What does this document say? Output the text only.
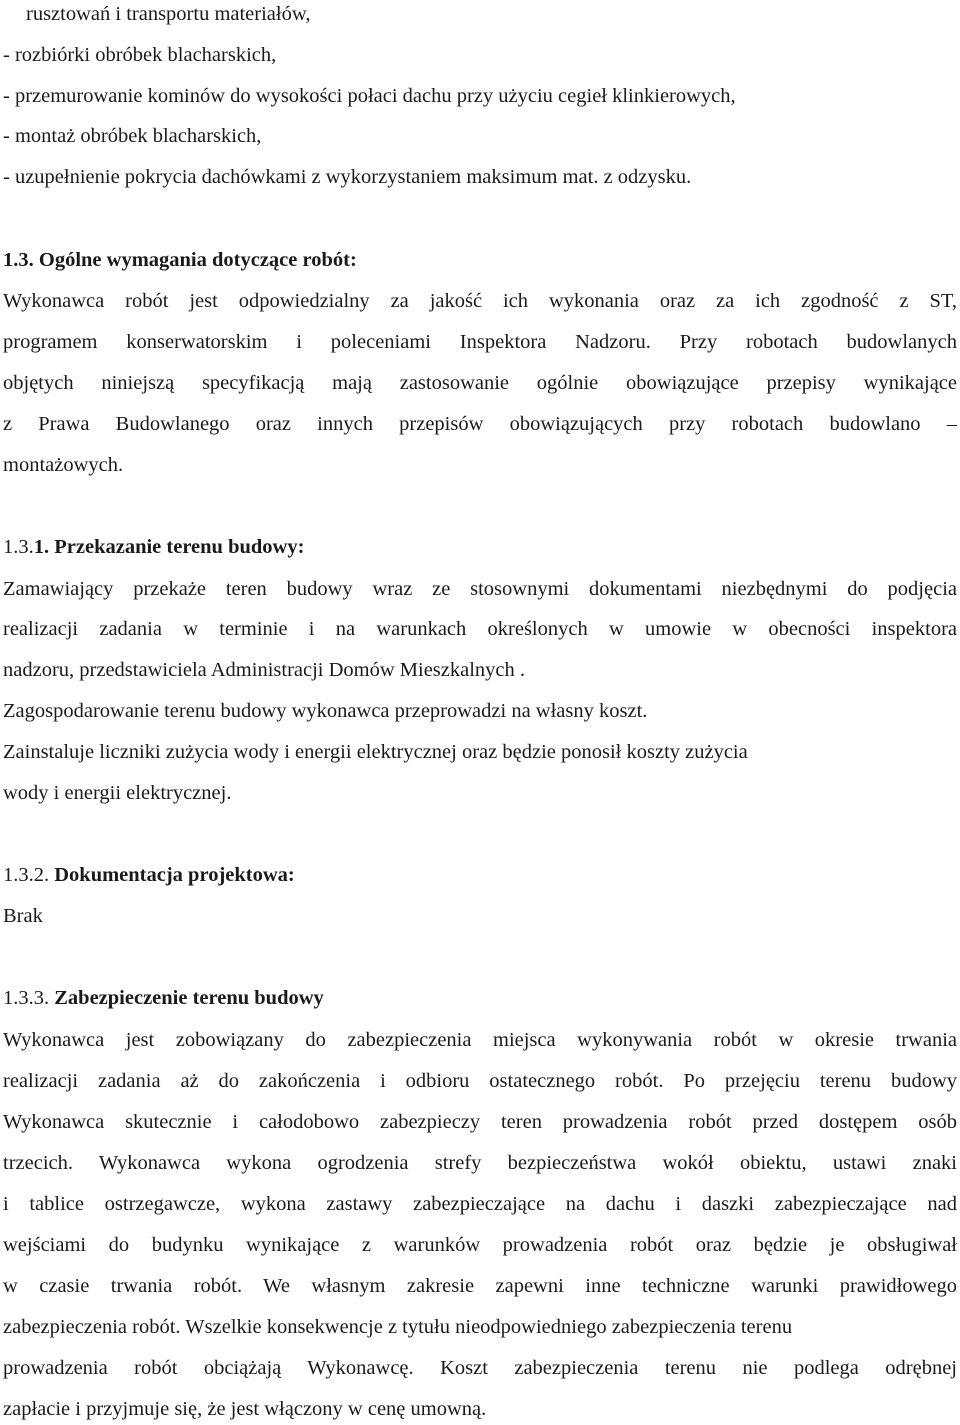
rusztowań i transportu materiałów,
- rozbiórki obróbek blacharskich,
- przemurowanie kominów do wysokości połaci dachu przy użyciu cegieł klinkierowych,
- montaż obróbek blacharskich,
- uzupełnienie pokrycia dachówkami z wykorzystaniem maksimum mat. z odzysku.
1.3. Ogólne wymagania dotyczące robót:
Wykonawca robót jest odpowiedzialny za jakość ich wykonania oraz za ich zgodność z ST,
programem konserwatorskim i poleceniami Inspektora Nadzoru. Przy robotach budowlanych
objętych niniejszą specyfikacją mają zastosowanie ogólnie obowiązujące przepisy wynikające
z Prawa Budowlanego oraz innych przepisów obowiązujących przy robotach budowlano –
montażowych.
1.3.1. Przekazanie terenu budowy:
Zamawiający przekaże teren budowy wraz ze stosownymi dokumentami niezbędnymi do podjęcia
realizacji zadania w terminie i na warunkach określonych w umowie w obecności inspektora
nadzoru, przedstawiciela Administracji Domów Mieszkalnych .
Zagospodarowanie terenu budowy wykonawca przeprowadzi na własny koszt.
Zainstaluje liczniki zużycia wody i energii elektrycznej oraz będzie ponosił koszty zużycia
wody i energii elektrycznej.
1.3.2. Dokumentacja projektowa:
Brak
1.3.3. Zabezpieczenie terenu budowy
Wykonawca jest zobowiązany do zabezpieczenia miejsca wykonywania robót w okresie trwania
realizacji zadania aż do zakończenia i odbioru ostatecznego robót. Po przejęciu terenu budowy
Wykonawca skutecznie i całodobowo zabezpieczy teren prowadzenia robót przed dostępem osób
trzecich. Wykonawca wykona ogrodzenia strefy bezpieczeństwa wokół obiektu, ustawi znaki
i tablice ostrzegawcze, wykona zastawy zabezpieczające na dachu i daszki zabezpieczające nad
wejściami do budynku wynikające z warunków prowadzenia robót oraz będzie je obsługiwał
w czasie trwania robót. We własnym zakresie zapewni inne techniczne warunki prawidłowego
zabezpieczenia robót. Wszelkie konsekwencje z tytułu nieodpowiedniego zabezpieczenia terenu
prowadzenia robót obciążają Wykonawcę. Koszt zabezpieczenia terenu nie podlega odrębnej
zapłacie i przyjmuje się, że jest włączony w cenę umowną.
